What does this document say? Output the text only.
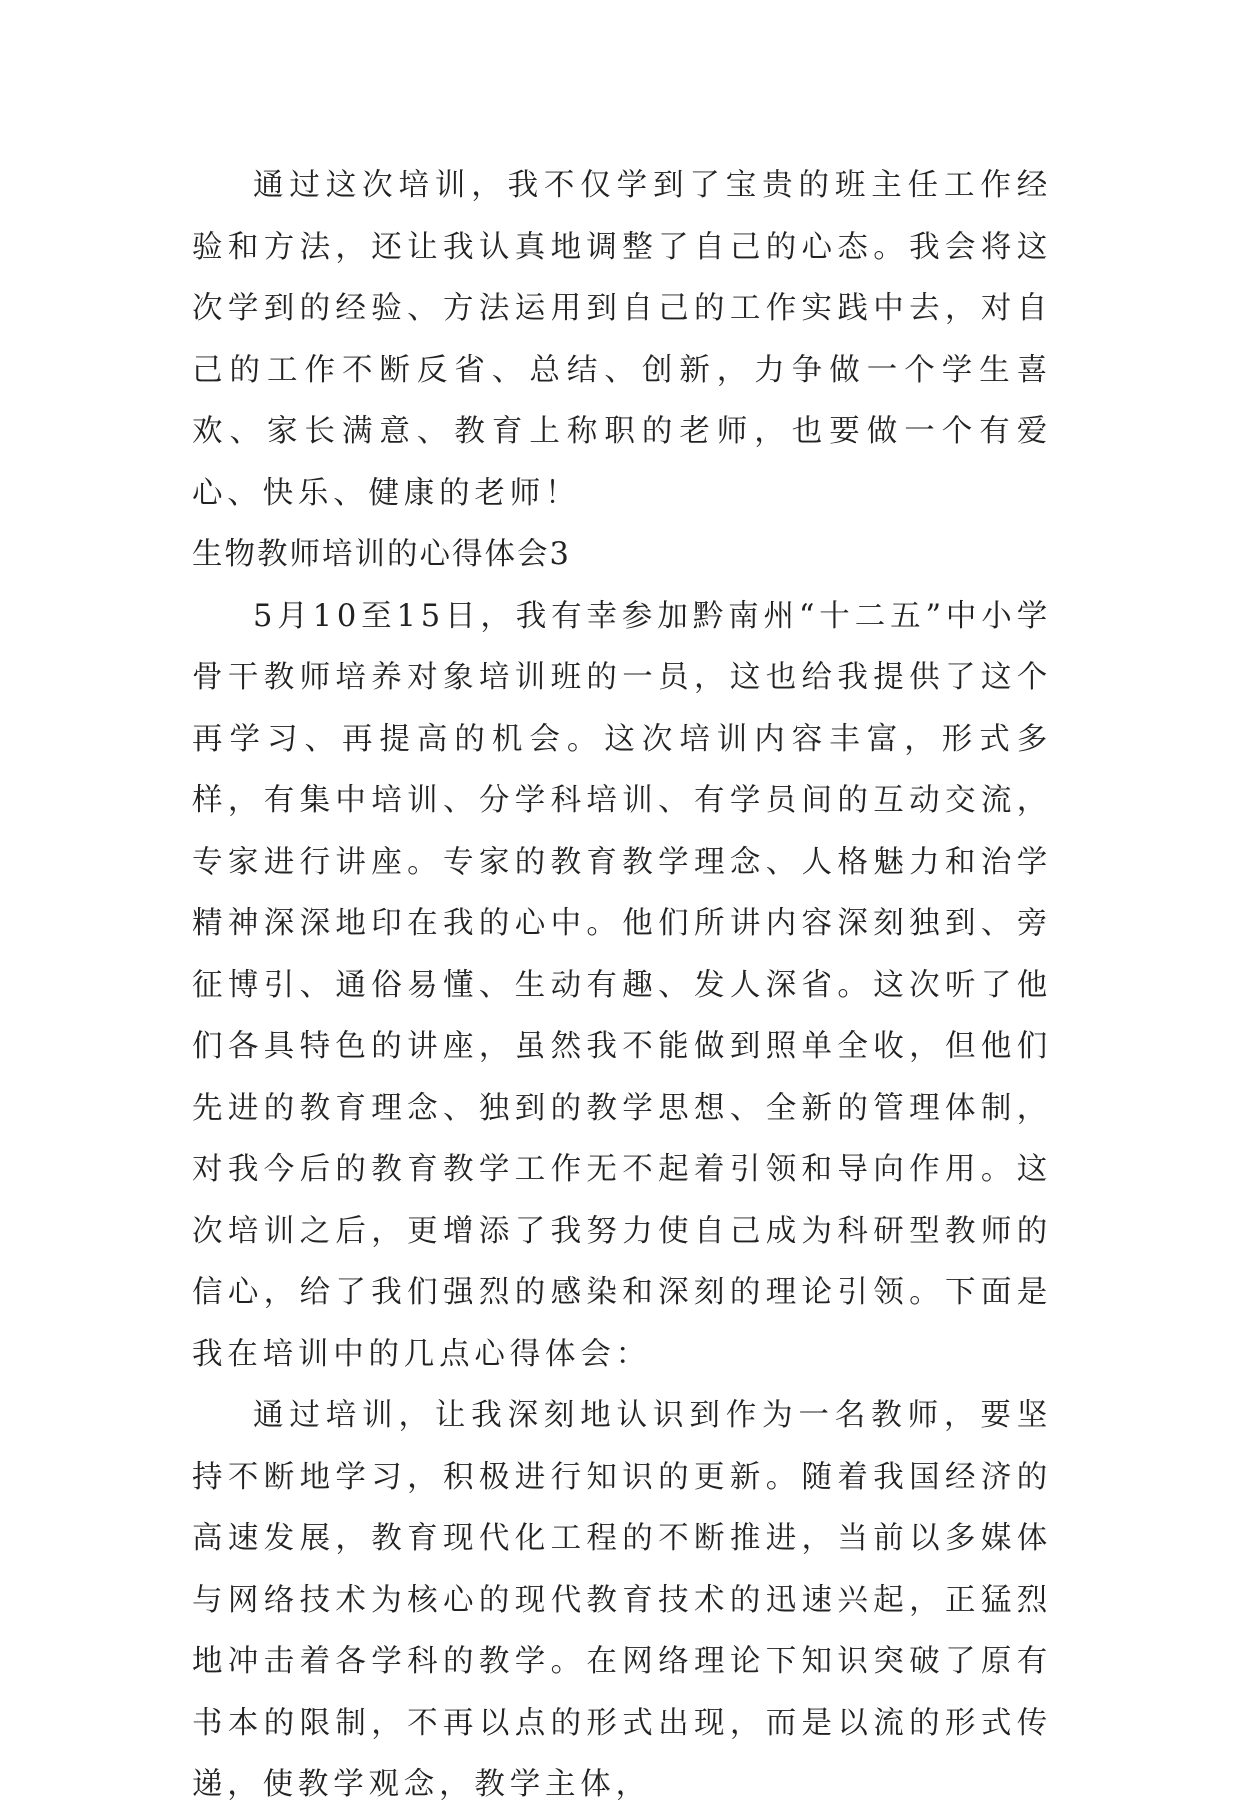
通过这次培训，我不仅学到了宝贵的班主任工作经验和方法，还让我认真地调整了自己的心态。我会将这次学到的经验、方法运用到自己的工作实践中去，对自己的工作不断反省、总结、创新，力争做一个学生喜欢、家长满意、教育上称职的老师，也要做一个有爱心、快乐、健康的老师！

生物教师培训的心得体会3

5月10至15日，我有幸参加黔南州“十二五”中小学骨干教师培养对象培训班的一员，这也给我提供了这个再学习、再提高的机会。这次培训内容丰富，形式多样，有集中培训、分学科培训、有学员间的互动交流，专家进行讲座。专家的教育教学理念、人格魅力和治学精神深深地印在我的心中。他们所讲内容深刻独到、旁征博引、通俗易懂、生动有趣、发人深省。这次听了他们各具特色的讲座，虽然我不能做到照单全收，但他们先进的教育理念、独到的教学思想、全新的管理体制，对我今后的教育教学工作无不起着引领和导向作用。这次培训之后，更增添了我努力使自己成为科研型教师的信心，给了我们强烈的感染和深刻的理论引领。下面是我在培训中的几点心得体会：

通过培训，让我深刻地认识到作为一名教师，要坚持不断地学习，积极进行知识的更新。随着我国经济的高速发展，教育现代化工程的不断推进，当前以多媒体与网络技术为核心的现代教育技术的迅速兴起，正猛烈地冲击着各学科的教学。在网络理论下知识突破了原有书本的限制，不再以点的形式出现，而是以流的形式传递，使教学观念，教学主体，
